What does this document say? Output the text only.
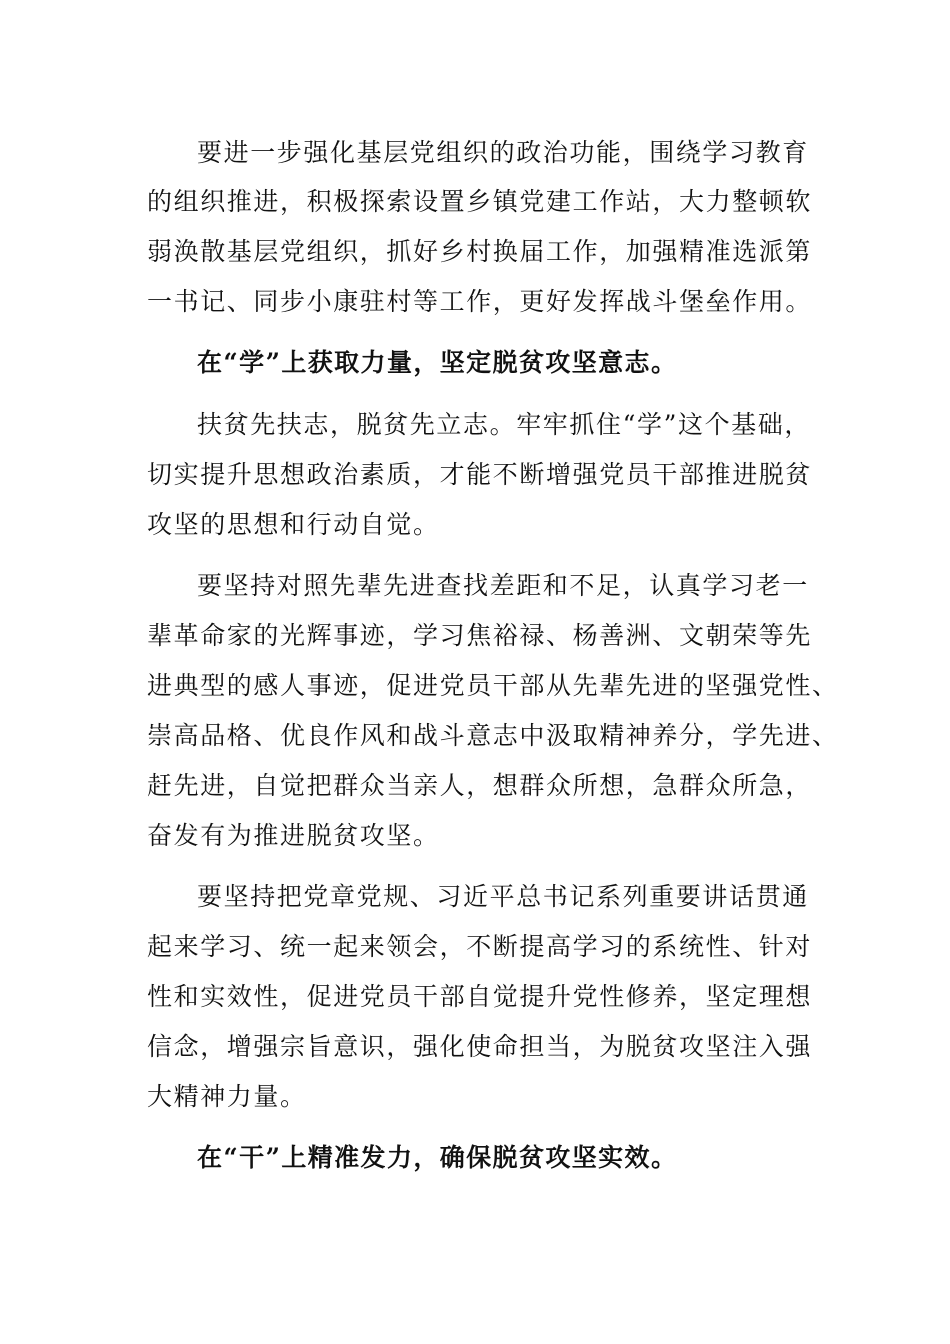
要进一步强化基层党组织的政治功能，围绕学习教育
的组织推进，积极探索设置乡镇党建工作站，大力整顿软
弱涣散基层党组织，抓好乡村换届工作，加强精准选派第
一书记、同步小康驻村等工作，更好发挥战斗堡垒作用。
在“学”上获取力量，坚定脱贫攻坚意志。
扶贫先扶志，脱贫先立志。牢牢抓住“学”这个基础，
切实提升思想政治素质，才能不断增强党员干部推进脱贫
攻坚的思想和行动自觉。
要坚持对照先辈先进查找差距和不足，认真学习老一
辈革命家的光辉事迹，学习焦裕禄、杨善洲、文朝荣等先
进典型的感人事迹，促进党员干部从先辈先进的坚强党性、
崇高品格、优良作风和战斗意志中汲取精神养分，学先进、
赶先进，自觉把群众当亲人，想群众所想，急群众所急，
奋发有为推进脱贫攻坚。
要坚持把党章党规、习近平总书记系列重要讲话贯通
起来学习、统一起来领会，不断提高学习的系统性、针对
性和实效性，促进党员干部自觉提升党性修养，坚定理想
信念，增强宗旨意识，强化使命担当，为脱贫攻坚注入强
大精神力量。
在“干”上精准发力，确保脱贫攻坚实效。
